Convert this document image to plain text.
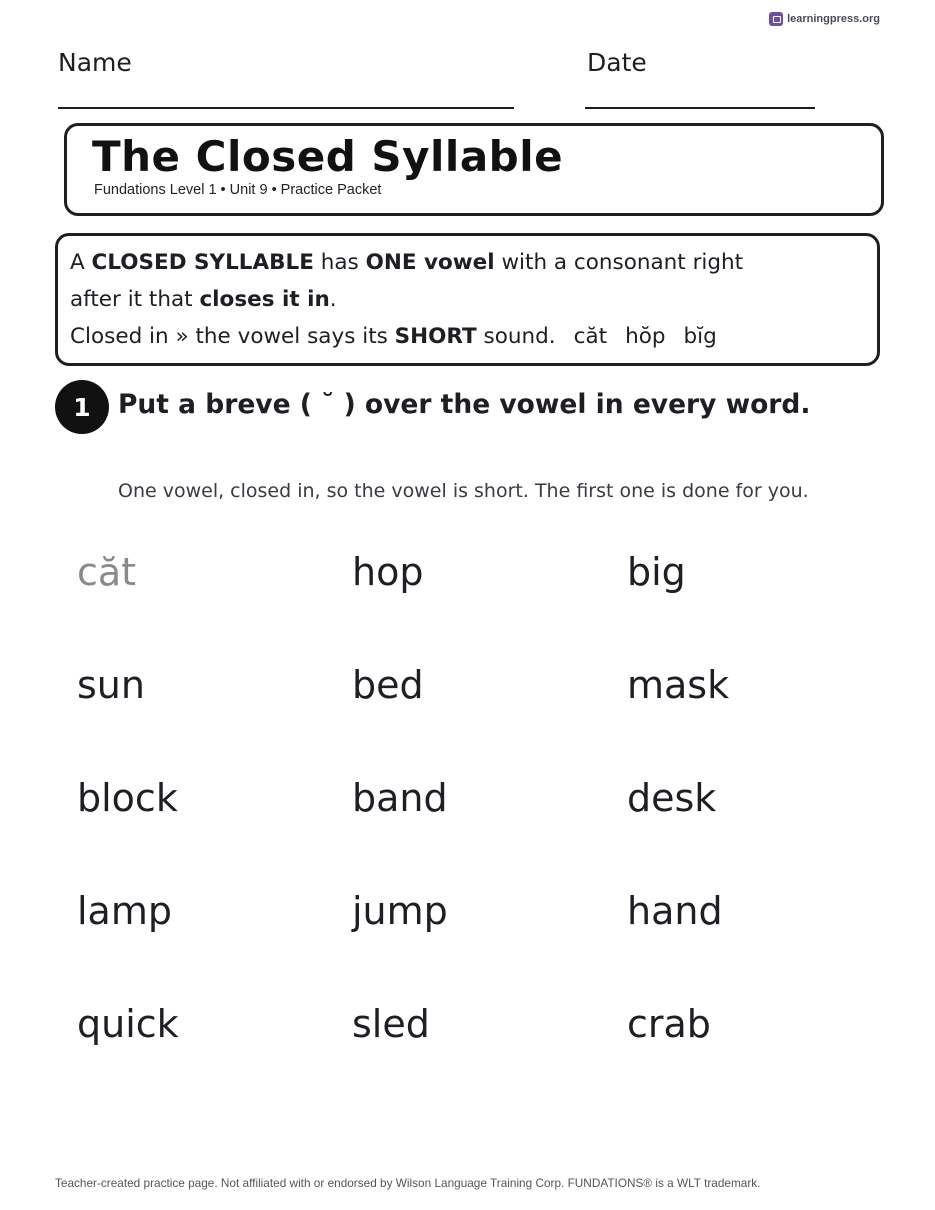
learningpress.org
Name	Date
The Closed Syllable
Fundations Level 1 • Unit 9 • Practice Packet
A CLOSED SYLLABLE has ONE vowel with a consonant right
after it that closes it in.
Closed in » the vowel says its SHORT sound. căt hŏp bĭg
1	Put a breve ( ˘ ) over the vowel in every word.
One vowel, closed in, so the vowel is short. The first one is done for you.
căt	hop	big
sun	bed	mask
block	band	desk
lamp	jump	hand
quick	sled	crab
Teacher-created practice page. Not affiliated with or endorsed by Wilson Language Training Corp. FUNDATIONS® is a WLT trademark.
